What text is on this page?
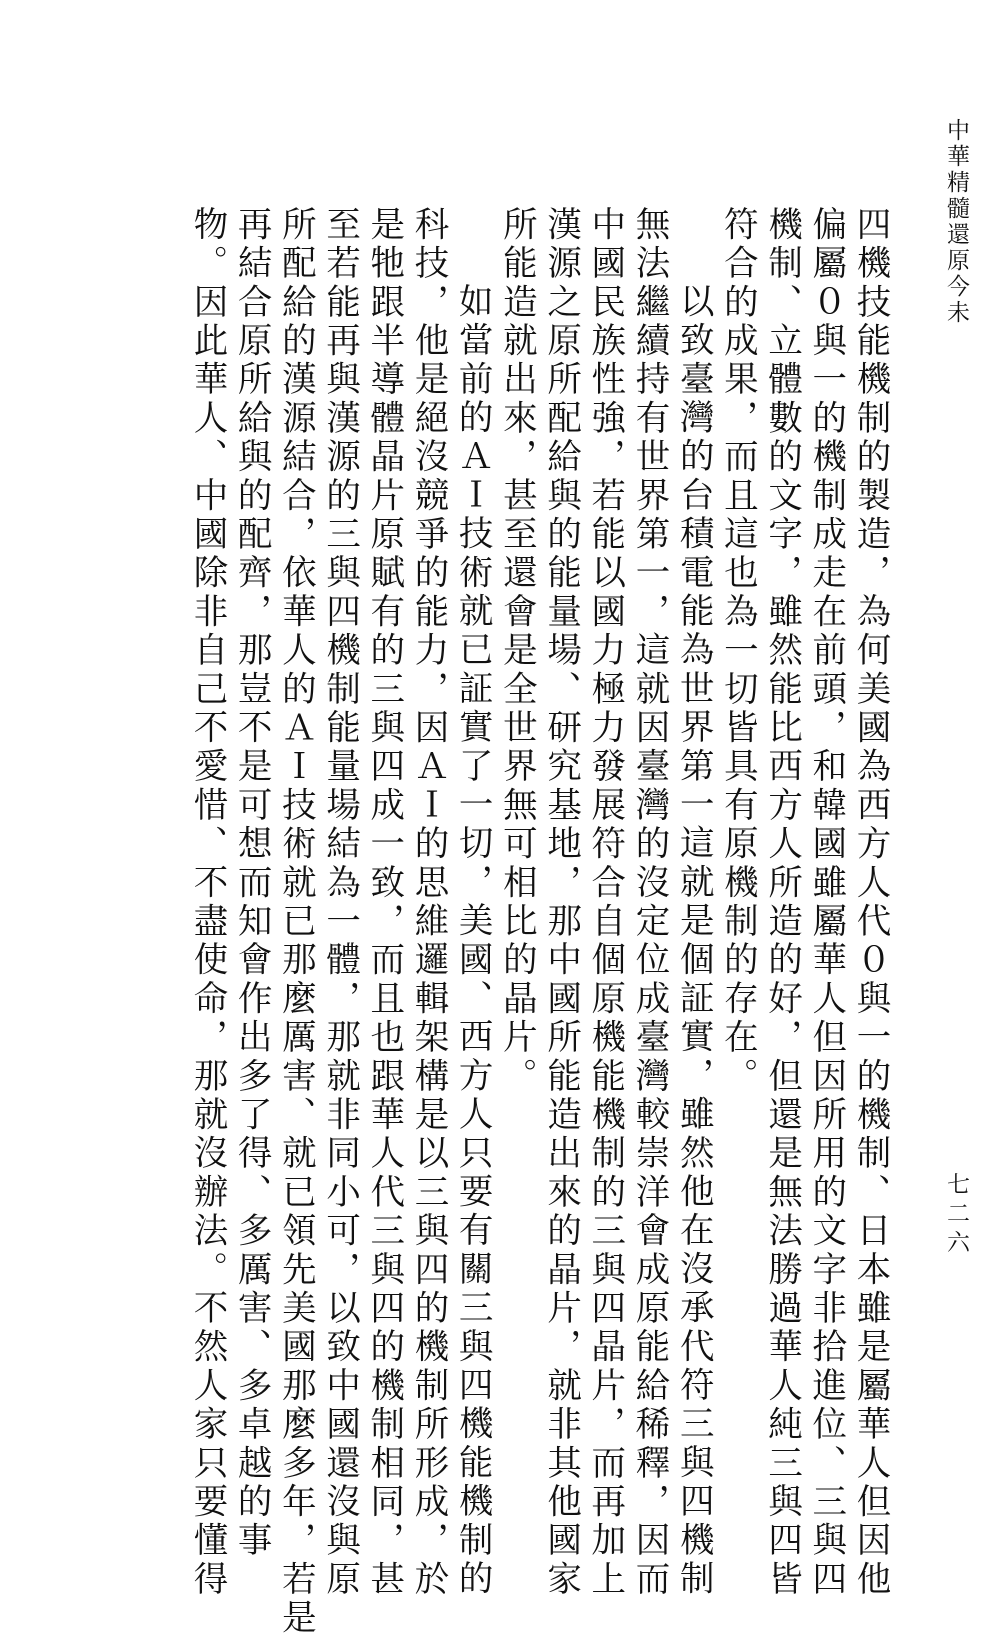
中華精髓還原今未
四機技能機制的製造，為何美國為西方人代０與一的機制、日本雖是屬華人但因他
偏屬０與一的機制成走在前頭，和韓國雖屬華人但因所用的文字非拾進位、三與四
機制、立體數的文字，雖然能比西方人所造的好，但還是無法勝過華人純三與四皆
符合的成果，而且這也為一切皆具有原機制的存在。
以致臺灣的台積電能為世界第一這就是個証實，雖然他在沒承代符三與四機制
無法繼續持有世界第一，這就因臺灣的沒定位成臺灣較崇洋會成原能給稀釋，因而
中國民族性強，若能以國力極力發展符合自個原機能機制的三與四晶片，而再加上
漢源之原所配給與的能量場、研究基地，那中國所能造出來的晶片，就非其他國家
所能造就出來，甚至還會是全世界無可相比的晶片。
如當前的ＡＩ技術就已証實了一切，美國、西方人只要有關三與四機能機制的
科技，他是絕沒競爭的能力，因ＡＩ的思維邏輯架構是以三與四的機制所形成，於
是牠跟半導體晶片原賦有的三與四成一致，而且也跟華人代三與四的機制相同，甚
至若能再與漢源的三與四機制能量場結為一體，那就非同小可，以致中國還沒與原
所配給的漢源結合，依華人的ＡＩ技術就已那麼厲害、就已領先美國那麼多年，若是
再結合原所給與的配齊，那豈不是可想而知會作出多了得、多厲害、多卓越的事
物。因此華人、中國除非自己不愛惜、不盡使命，那就沒辦法。不然人家只要懂得	七二六
